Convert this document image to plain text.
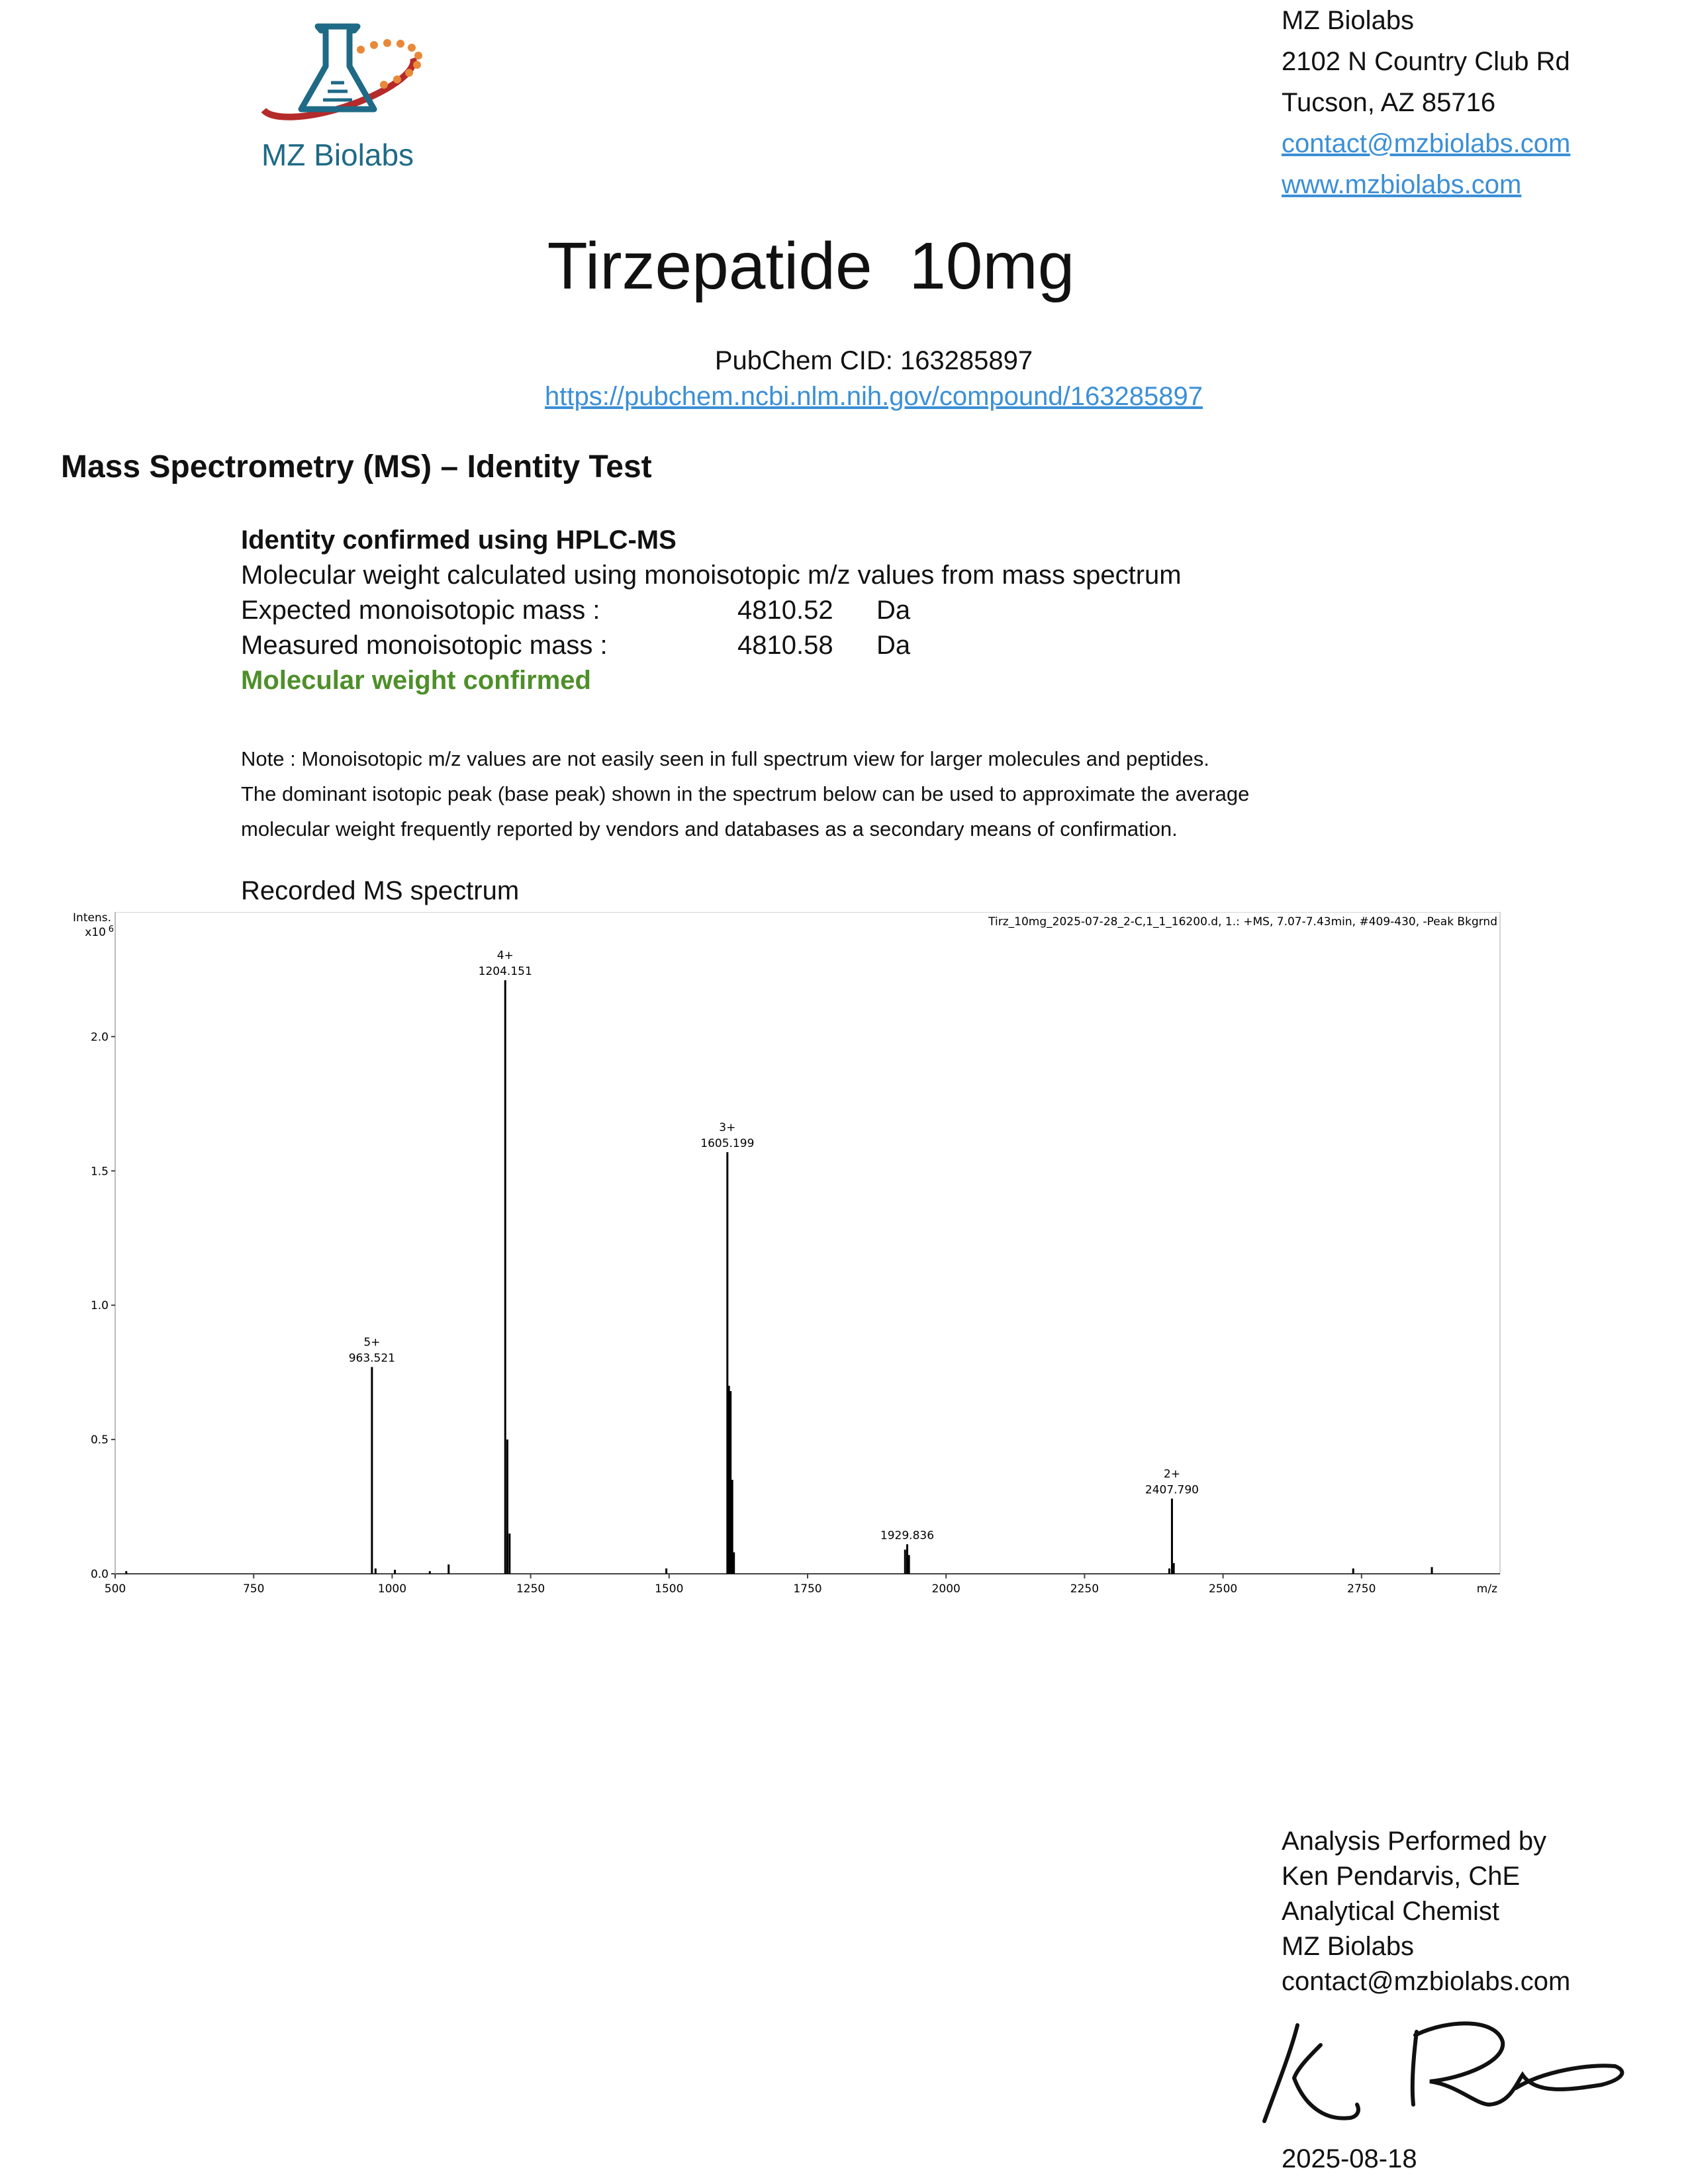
MZ Biolabs
MZ Biolabs
2102 N Country Club Rd
Tucson, AZ 85716
contact@mzbiolabs.com
www.mzbiolabs.com
Tirzepatide  10mg
PubChem CID: 163285897
https://pubchem.ncbi.nlm.nih.gov/compound/163285897
Mass Spectrometry (MS) – Identity Test
Identity confirmed using HPLC-MS
Molecular weight calculated using monoisotopic m/z values from mass spectrum
Expected monoisotopic mass :	4810.52	Da
Measured monoisotopic mass :	4810.58	Da
Molecular weight confirmed
Note : Monoisotopic m/z values are not easily seen in full spectrum view for larger molecules and peptides.
The dominant isotopic peak (base peak) shown in the spectrum below can be used to approximate the average
molecular weight frequently reported by vendors and databases as a secondary means of confirmation.
Recorded MS spectrum
Intens.
x10 6
Tirz_10mg_2025-07-28_2-C,1_1_16200.d, 1.: +MS, 7.07-7.43min, #409-430, -Peak Bkgrnd
0.0
0.5
1.0
1.5
2.0
500	750	1000	1250	1500	1750	2000	2250	2500	2750	m/z
963.521
5+
1204.151
4+
1605.199
3+
1929.836
2407.790
2+
Analysis Performed by
Ken Pendarvis, ChE
Analytical Chemist
MZ Biolabs
contact@mzbiolabs.com
2025-08-18
